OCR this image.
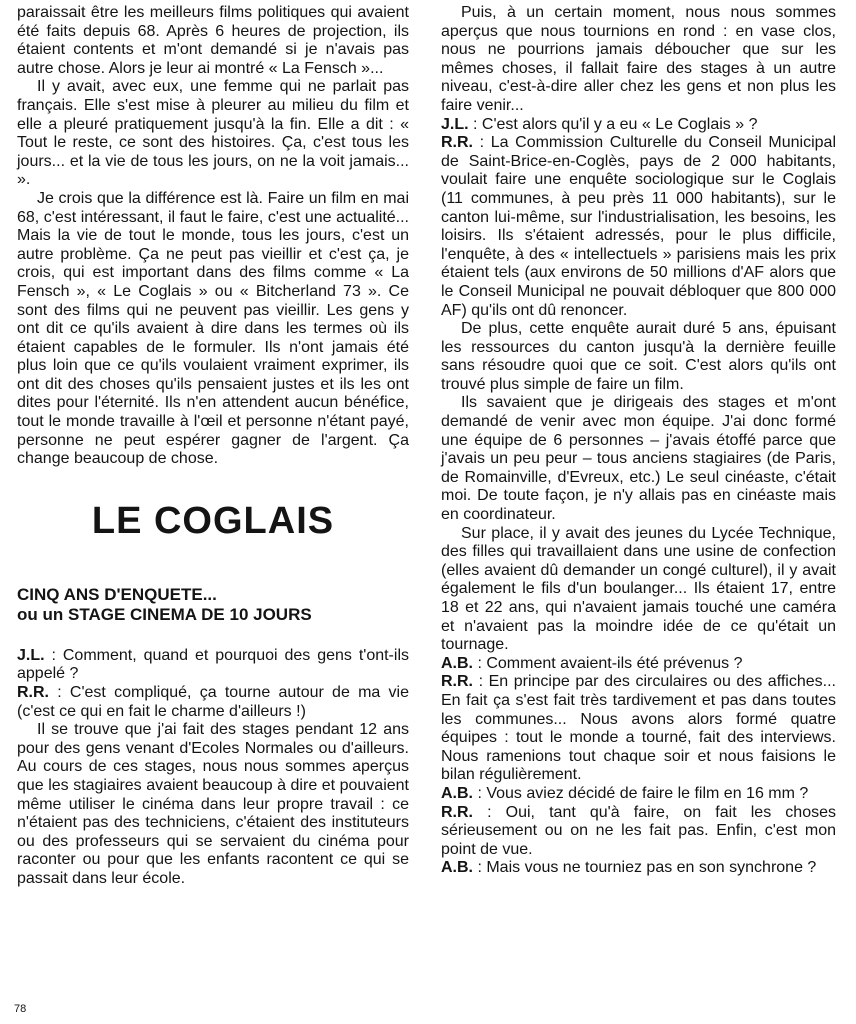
paraissait être les meilleurs films politiques qui avaient été faits depuis 68. Après 6 heures de projection, ils étaient contents et m'ont demandé si je n'avais pas autre chose. Alors je leur ai montré « La Fensch »...

Il y avait, avec eux, une femme qui ne parlait pas français. Elle s'est mise à pleurer au milieu du film et elle a pleuré pratiquement jusqu'à la fin. Elle a dit : « Tout le reste, ce sont des histoires. Ça, c'est tous les jours... et la vie de tous les jours, on ne la voit jamais... ».

Je crois que la différence est là. Faire un film en mai 68, c'est intéressant, il faut le faire, c'est une actualité... Mais la vie de tout le monde, tous les jours, c'est un autre problème. Ça ne peut pas vieillir et c'est ça, je crois, qui est important dans des films comme « La Fensch », « Le Coglais » ou « Bitcherland 73 ». Ce sont des films qui ne peuvent pas vieillir. Les gens y ont dit ce qu'ils avaient à dire dans les termes où ils étaient capables de le formuler. Ils n'ont jamais été plus loin que ce qu'ils voulaient vraiment exprimer, ils ont dit des choses qu'ils pensaient justes et ils les ont dites pour l'éternité. Ils n'en attendent aucun bénéfice, tout le monde travaille à l'œil et personne n'étant payé, personne ne peut espérer gagner de l'argent. Ça change beaucoup de chose.

LE COGLAIS
CINQ ANS D'ENQUETE...
ou un STAGE CINEMA DE 10 JOURS

J.L. : Comment, quand et pourquoi des gens t'ont-ils appelé ?

R.R. : C'est compliqué, ça tourne autour de ma vie (c'est ce qui en fait le charme d'ailleurs !)

Il se trouve que j'ai fait des stages pendant 12 ans pour des gens venant d'Ecoles Normales ou d'ailleurs. Au cours de ces stages, nous nous sommes aperçus que les stagiaires avaient beaucoup à dire et pouvaient même utiliser le cinéma dans leur propre travail : ce n'étaient pas des techniciens, c'étaient des instituteurs ou des professeurs qui se servaient du cinéma pour raconter ou pour que les enfants racontent ce qui se passait dans leur école.

Puis, à un certain moment, nous nous sommes aperçus que nous tournions en rond : en vase clos, nous ne pourrions jamais déboucher que sur les mêmes choses, il fallait faire des stages à un autre niveau, c'est-à-dire aller chez les gens et non plus les faire venir...

J.L. : C'est alors qu'il y a eu « Le Coglais » ?

R.R. : La Commission Culturelle du Conseil Municipal de Saint-Brice-en-Coglès, pays de 2 000 habitants, voulait faire une enquête sociologique sur le Coglais (11 communes, à peu près 11 000 habitants), sur le canton lui-même, sur l'industrialisation, les besoins, les loisirs. Ils s'étaient adressés, pour le plus difficile, l'enquête, à des « intellectuels » parisiens mais les prix étaient tels (aux environs de 50 millions d'AF alors que le Conseil Municipal ne pouvait débloquer que 800 000 AF) qu'ils ont dû renoncer.

De plus, cette enquête aurait duré 5 ans, épuisant les ressources du canton jusqu'à la dernière feuille sans résoudre quoi que ce soit. C'est alors qu'ils ont trouvé plus simple de faire un film.

Ils savaient que je dirigeais des stages et m'ont demandé de venir avec mon équipe. J'ai donc formé une équipe de 6 personnes – j'avais étoffé parce que j'avais un peu peur – tous anciens stagiaires (de Paris, de Romainville, d'Evreux, etc.) Le seul cinéaste, c'était moi. De toute façon, je n'y allais pas en cinéaste mais en coordinateur.

Sur place, il y avait des jeunes du Lycée Technique, des filles qui travaillaient dans une usine de confection (elles avaient dû demander un congé culturel), il y avait également le fils d'un boulanger... Ils étaient 17, entre 18 et 22 ans, qui n'avaient jamais touché une caméra et n'avaient pas la moindre idée de ce qu'était un tournage.

A.B. : Comment avaient-ils été prévenus ?

R.R. : En principe par des circulaires ou des affiches... En fait ça s'est fait très tardivement et pas dans toutes les communes... Nous avons alors formé quatre équipes : tout le monde a tourné, fait des interviews. Nous ramenions tout chaque soir et nous faisions le bilan régulièrement.

A.B. : Vous aviez décidé de faire le film en 16 mm ?

R.R. : Oui, tant qu'à faire, on fait les choses sérieusement ou on ne les fait pas. Enfin, c'est mon point de vue.

A.B. : Mais vous ne tourniez pas en son synchrone ?

78
